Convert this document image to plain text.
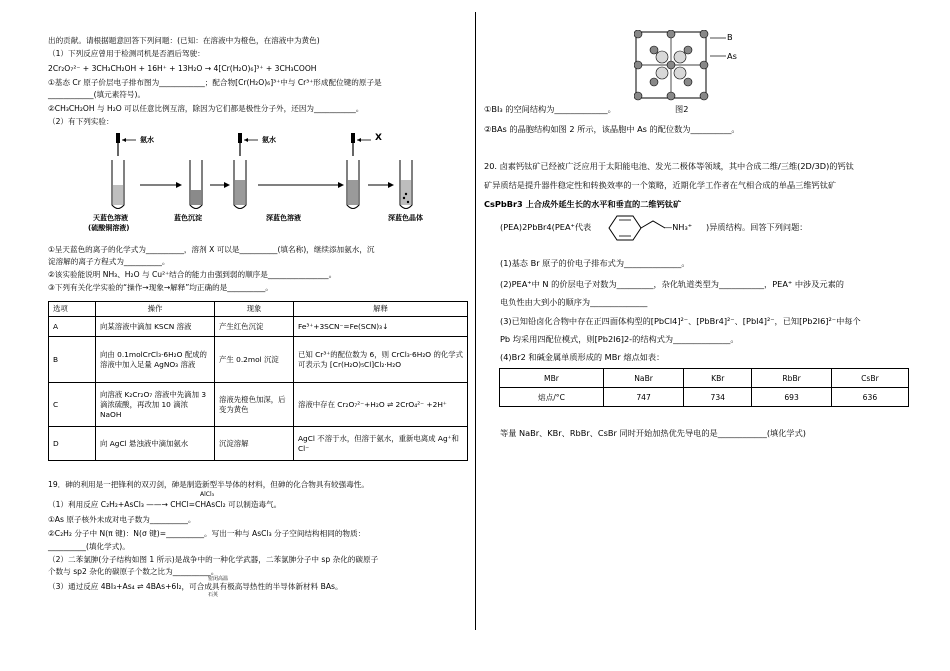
出的贡献。请根据题意回答下列问题：(已知：在溶液中为橙色，在溶液中为黄色)
（1）下列反应曾用于检测司机是否酒后驾驶：
2Cr₂O₇²⁻ + 3CH₃CH₂OH + 16H⁺ + 13H₂O → 4[Cr(H₂O)₆]³⁺ + 3CH₃COOH
①基态 Cr 原子价层电子排布图为____________；配合物[Cr(H₂O)₆]³⁺中与 Cr³⁺形成配位键的原子是
____________(填元素符号)。
②CH₃CH₂OH 与 H₂O 可以任意比例互溶，除因为它们都是极性分子外，还因为___________。
（2）有下列实验：
氨水	氨水	X
天蓝色溶液
(硫酸铜溶液)
蓝色沉淀	深蓝色溶液	深蓝色晶体
①呈天蓝色的离子的化学式为__________，溶剂 X 可以是__________(填名称)，继续添加氨水，沉
淀溶解的离子方程式为__________。
②该实验能说明 NH₃、H₂O 与 Cu²⁺结合的能力由强到弱的顺序是________________。
③下列有关化学实验的“操作→现象→解释”均正确的是__________。
选项	操作	现象	解释
A	向某溶液中滴加 KSCN 溶液	产生红色沉淀	Fe³⁺+3SCN⁻=Fe(SCN)₃↓
B	向由 0.1molCrCl₃·6H₂O 配成的溶液中加入足量 AgNO₃ 溶液	产生 0.2mol 沉淀	已知 Cr³⁺的配位数为 6，则 CrCl₃·6H₂O 的化学式可表示为 [Cr(H₂O)₅Cl]Cl₂·H₂O
C	向溶液 K₂Cr₂O₇ 溶液中先滴加 3 滴浓硫酸，再改加 10 滴浓 NaOH	溶液先橙色加深，后变为黄色	溶液中存在 Cr₂O₇²⁻+H₂O ⇌ 2CrO₄²⁻ +2H⁺
D	向 AgCl 悬浊液中滴加氨水	沉淀溶解	AgCl 不溶于水，但溶于氨水，重新电离成 Ag⁺和 Cl⁻
19．砷的利用是一把锋利的双刃剑，砷是制造新型半导体的材料，但砷的化合物具有较强毒性。
AlCl₃
（1）利用反应 C₂H₂+AsCl₃ ——→ CHCl=CHAsCl₂ 可以制造毒气。
①As 原子核外未成对电子数为__________。
②C₂H₂ 分子中 N(π 键)：N(σ 键)=__________。写出一种与 AsCl₃ 分子空间结构相同的物质：
__________(填化学式)。
（2）二苯氯胂(分子结构如图 1 所示)是战争中的一种化学武器，二苯氯胂分子中 sp 杂化的碳原子
个数与 sp2 杂化的碳原子个数之比为__________。
密闭高温
石英
（3）通过反应 4BI₃+As₄ ⇌ 4BAs+6I₂，可合成具有极高导热性的半导体新材料 BAs。
B
As
图2
①BI₃ 的空间结构为_____________。
②BAs 的晶胞结构如图 2 所示，该晶胞中 As 的配位数为__________。
20. 卤素钙钛矿已经被广泛应用于太阳能电池、发光二极体等领域，其中合成二维/三维(2D/3D)的钙钛
矿异质结是提升器件稳定性和转换效率的一个策略，近期化学工作者在气相合成的单晶三维钙钛矿
CsPbBr3 上合成外延生长的水平和垂直的二维钙钛矿
(PEA)2PbBr4(PEA⁺代表	—NH₃⁺ )异质结构。回答下列问题：
(1)基态 Br 原子的价电子排布式为______________。
(2)PEA⁺中 N 的价层电子对数为_________，杂化轨道类型为___________，PEA⁺ 中涉及元素的
电负性由大到小的顺序为______________
(3)已知铅卤化合物中存在正四面体构型的[PbCl4]²⁻、[PbBr4]²⁻、[PbI4]²⁻，已知[Pb2I6]²⁻中每个
Pb 均采用四配位模式，则[Pb2I6]2-的结构式为______________。
(4)Br2 和碱金属单质形成的 MBr 熔点如表：
MBr	NaBr	KBr	RbBr	CsBr
熔点/°C	747	734	693	636
等量 NaBr、KBr、RbBr、CsBr 同时开始加热优先导电的是____________(填化学式)
